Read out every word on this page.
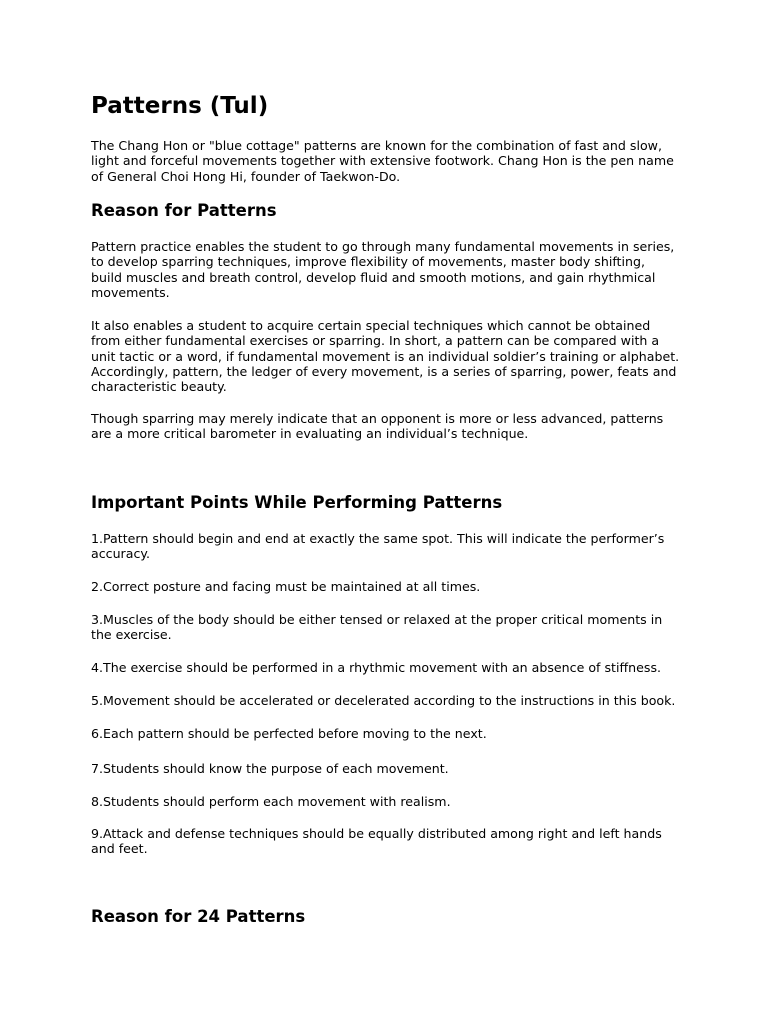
Patterns (Tul)

The Chang Hon or "blue cottage" patterns are known for the combination of fast and slow,
light and forceful movements together with extensive footwork. Chang Hon is the pen name
of General Choi Hong Hi, founder of Taekwon-Do.

Reason for Patterns

Pattern practice enables the student to go through many fundamental movements in series,
to develop sparring techniques, improve flexibility of movements, master body shifting,
build muscles and breath control, develop fluid and smooth motions, and gain rhythmical
movements.

It also enables a student to acquire certain special techniques which cannot be obtained
from either fundamental exercises or sparring. In short, a pattern can be compared with a
unit tactic or a word, if fundamental movement is an individual soldier’s training or alphabet.
Accordingly, pattern, the ledger of every movement, is a series of sparring, power, feats and
characteristic beauty.

Though sparring may merely indicate that an opponent is more or less advanced, patterns
are a more critical barometer in evaluating an individual’s technique.

Important Points While Performing Patterns

1.Pattern should begin and end at exactly the same spot. This will indicate the performer’s
accuracy.

2.Correct posture and facing must be maintained at all times.

3.Muscles of the body should be either tensed or relaxed at the proper critical moments in
the exercise.

4.The exercise should be performed in a rhythmic movement with an absence of stiffness.

5.Movement should be accelerated or decelerated according to the instructions in this book.

6.Each pattern should be perfected before moving to the next.

7.Students should know the purpose of each movement.

8.Students should perform each movement with realism.

9.Attack and defense techniques should be equally distributed among right and left hands
and feet.

Reason for 24 Patterns
